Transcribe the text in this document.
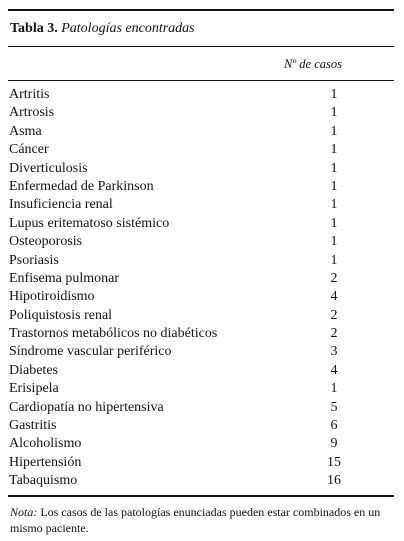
Tabla 3. Patologías encontradas
Nº de casos
Artritis	1
Artrosis	1
Asma	1
Cáncer	1
Diverticulosis	1
Enfermedad de Parkinson	1
Insuficiencia renal	1
Lupus eritematoso sistémico	1
Osteoporosis	1
Psoriasis	1
Enfisema pulmonar	2
Hipotiroidismo	4
Poliquistosis renal	2
Trastornos metabólicos no diabéticos	2
Síndrome vascular periférico	3
Diabetes	4
Erisipela	1
Cardiopatía no hipertensiva	5
Gastritis	6
Alcoholismo	9
Hipertensión	15
Tabaquismo	16
Nota: Los casos de las patologías enunciadas pueden estar combinados en un mismo paciente.
